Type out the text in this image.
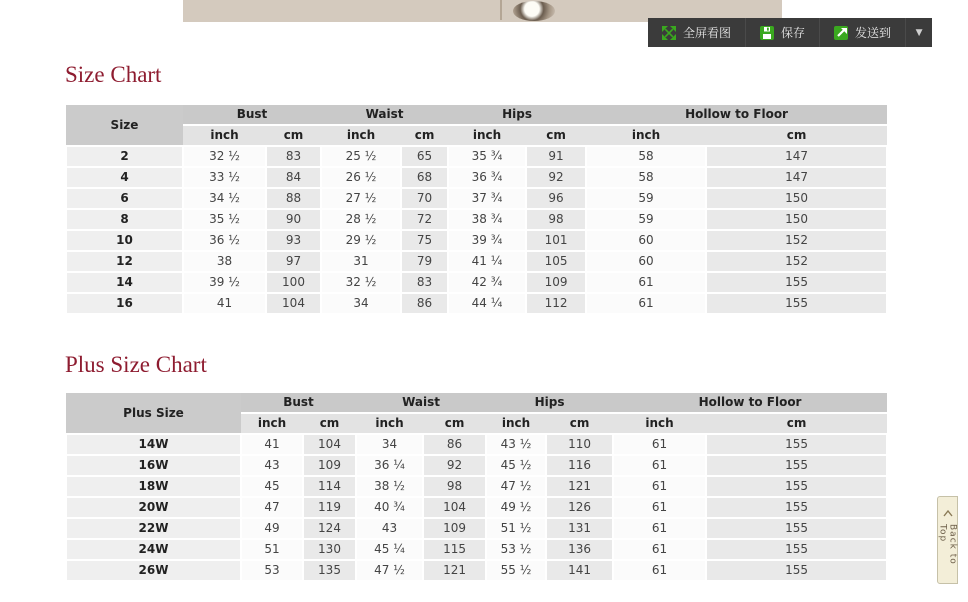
全屏看图	保存	发送到	▼
Size Chart
Size	Bust		Waist		Hips		Hollow to Floor	
	inch	cm	inch	cm	inch	cm	inch	cm
2	32 ½	83	25 ½	65	35 ¾	91	58	147
4	33 ½	84	26 ½	68	36 ¾	92	58	147
6	34 ½	88	27 ½	70	37 ¾	96	59	150
8	35 ½	90	28 ½	72	38 ¾	98	59	150
10	36 ½	93	29 ½	75	39 ¾	101	60	152
12	38	97	31	79	41 ¼	105	60	152
14	39 ½	100	32 ½	83	42 ¾	109	61	155
16	41	104	34	86	44 ¼	112	61	155
Plus Size Chart
Plus Size	Bust		Waist		Hips		Hollow to Floor	
	inch	cm	inch	cm	inch	cm	inch	cm
14W	41	104	34	86	43 ½	110	61	155
16W	43	109	36 ¼	92	45 ½	116	61	155
18W	45	114	38 ½	98	47 ½	121	61	155
20W	47	119	40 ¾	104	49 ½	126	61	155
22W	49	124	43	109	51 ½	131	61	155
24W	51	130	45 ¼	115	53 ½	136	61	155
26W	53	135	47 ½	121	55 ½	141	61	155
Back to Top
